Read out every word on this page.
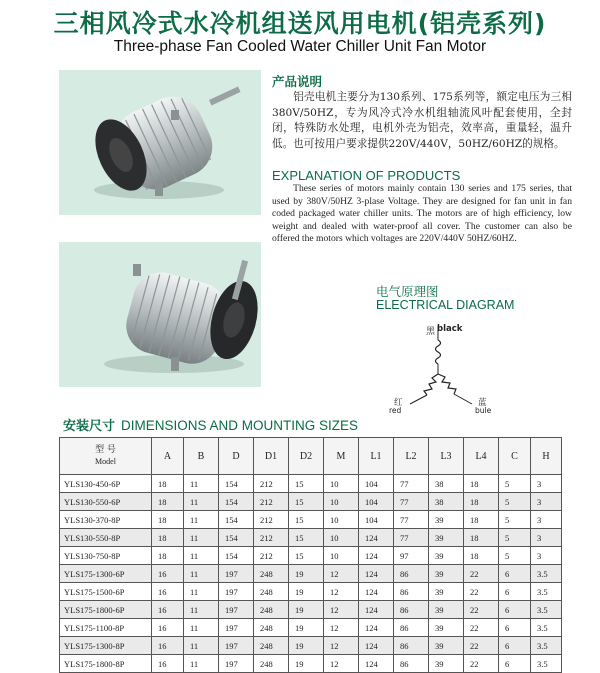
三相风冷式水冷机组送风用电机(铝壳系列)
Three-phase Fan Cooled Water Chiller Unit Fan Motor
产品说明
铝壳电机主要分为130系列、175系列等，额定电压为三相380V/50HZ，专为风冷式冷水机组轴流风叶配套使用，全封闭，特殊防水处理，电机外壳为铝壳，效率高，重量轻，温升低。也可按用户要求提供220V/440V，50HZ/60HZ的规格。
EXPLANATION OF PRODUCTS
These series of motors mainly contain 130 series and 175 series, that used by 380V/50HZ 3-plase Voltage. They are designed for fan unit in fan coded packaged water chiller units. The motors are of high efficiency, low weight and dealed with water-proof all cover. The customer can also be offered the motors which voltages are 220V/440V 50HZ/60HZ.
电气原理图
ELECTRICAL DIAGRAM
黑 black
红
red
蓝
bule
安装尺寸 DIMENSIONS AND MOUNTING SIZES
型 号
Model	A	B	D	D1	D2	M	L1	L2	L3	L4	C	H
YLS130-450-6P	18	11	154	212	15	10	104	77	38	18	5	3
YLS130-550-6P	18	11	154	212	15	10	104	77	38	18	5	3
YLS130-370-8P	18	11	154	212	15	10	104	77	39	18	5	3
YLS130-550-8P	18	11	154	212	15	10	124	77	39	18	5	3
YLS130-750-8P	18	11	154	212	15	10	124	97	39	18	5	3
YLS175-1300-6P	16	11	197	248	19	12	124	86	39	22	6	3.5
YLS175-1500-6P	16	11	197	248	19	12	124	86	39	22	6	3.5
YLS175-1800-6P	16	11	197	248	19	12	124	86	39	22	6	3.5
YLS175-1100-8P	16	11	197	248	19	12	124	86	39	22	6	3.5
YLS175-1300-8P	16	11	197	248	19	12	124	86	39	22	6	3.5
YLS175-1800-8P	16	11	197	248	19	12	124	86	39	22	6	3.5
